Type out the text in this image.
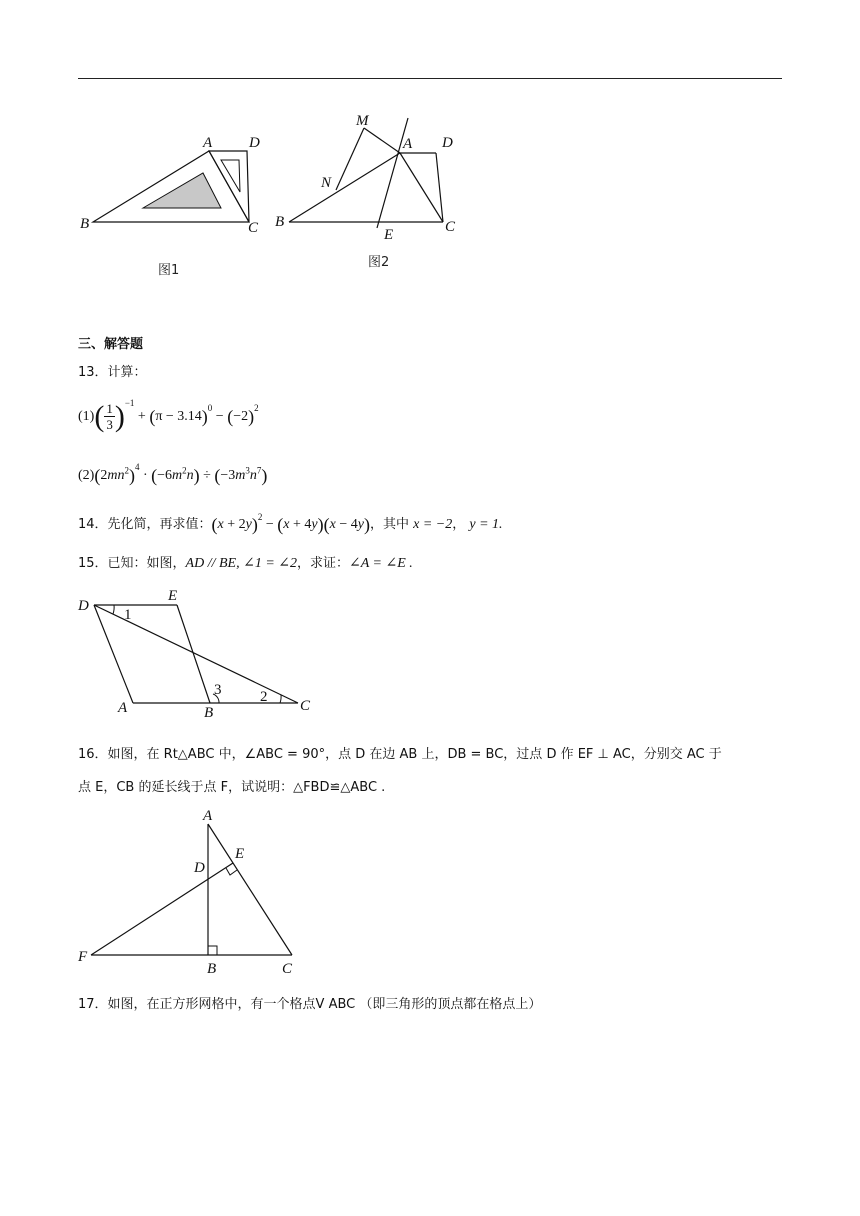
A D
B	C
图1
M
A D
N
B
E	C
图2
三、解答题
13．计算：
$(1)( \frac{1}{3} )^{-1} + (\pi - 3.14)^0 - (-2)^2$
$(2)(2mn^2)^4 \cdot (-6m^2n) \div (-3m^3n^7)$
14．先化简，再求值：$(x + 2y)^2 - (x + 4y)(x - 4y)$，其中 x = −2， y = 1.
15．已知：如图，AD // BE, ∠1 = ∠2，求证：∠A = ∠E .
D
E
A	B	C
1
2
3
16．如图，在 Rt△ABC 中，∠ABC = 90°，点 D 在边 AB 上，DB = BC，过点 D 作 EF ⊥ AC，分别交 AC 于
点 E，CB 的延长线于点 F，试说明：△FBD≌△ABC .
A
E
D
F
B	C
17．如图，在正方形网格中，有一个格点V ABC （即三角形的顶点都在格点上）
